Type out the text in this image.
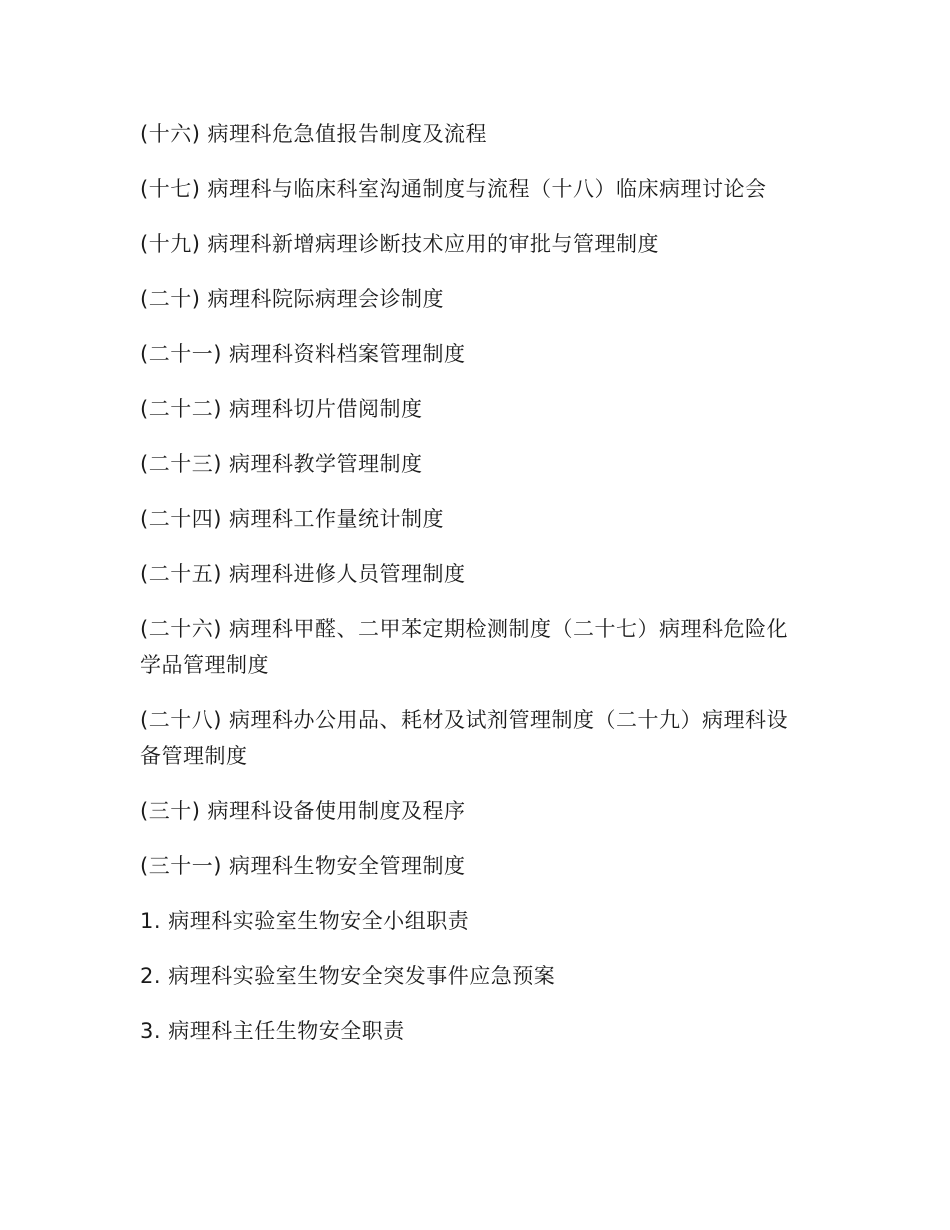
(十六) 病理科危急值报告制度及流程

(十七) 病理科与临床科室沟通制度与流程（十八）临床病理讨论会

(十九) 病理科新增病理诊断技术应用的审批与管理制度

(二十) 病理科院际病理会诊制度

(二十一) 病理科资料档案管理制度

(二十二) 病理科切片借阅制度

(二十三) 病理科教学管理制度

(二十四) 病理科工作量统计制度

(二十五) 病理科进修人员管理制度

(二十六) 病理科甲醛、二甲苯定期检测制度（二十七）病理科危险化学品管理制度

(二十八) 病理科办公用品、耗材及试剂管理制度（二十九）病理科设备管理制度

(三十) 病理科设备使用制度及程序

(三十一) 病理科生物安全管理制度

1. 病理科实验室生物安全小组职责

2. 病理科实验室生物安全突发事件应急预案

3. 病理科主任生物安全职责
